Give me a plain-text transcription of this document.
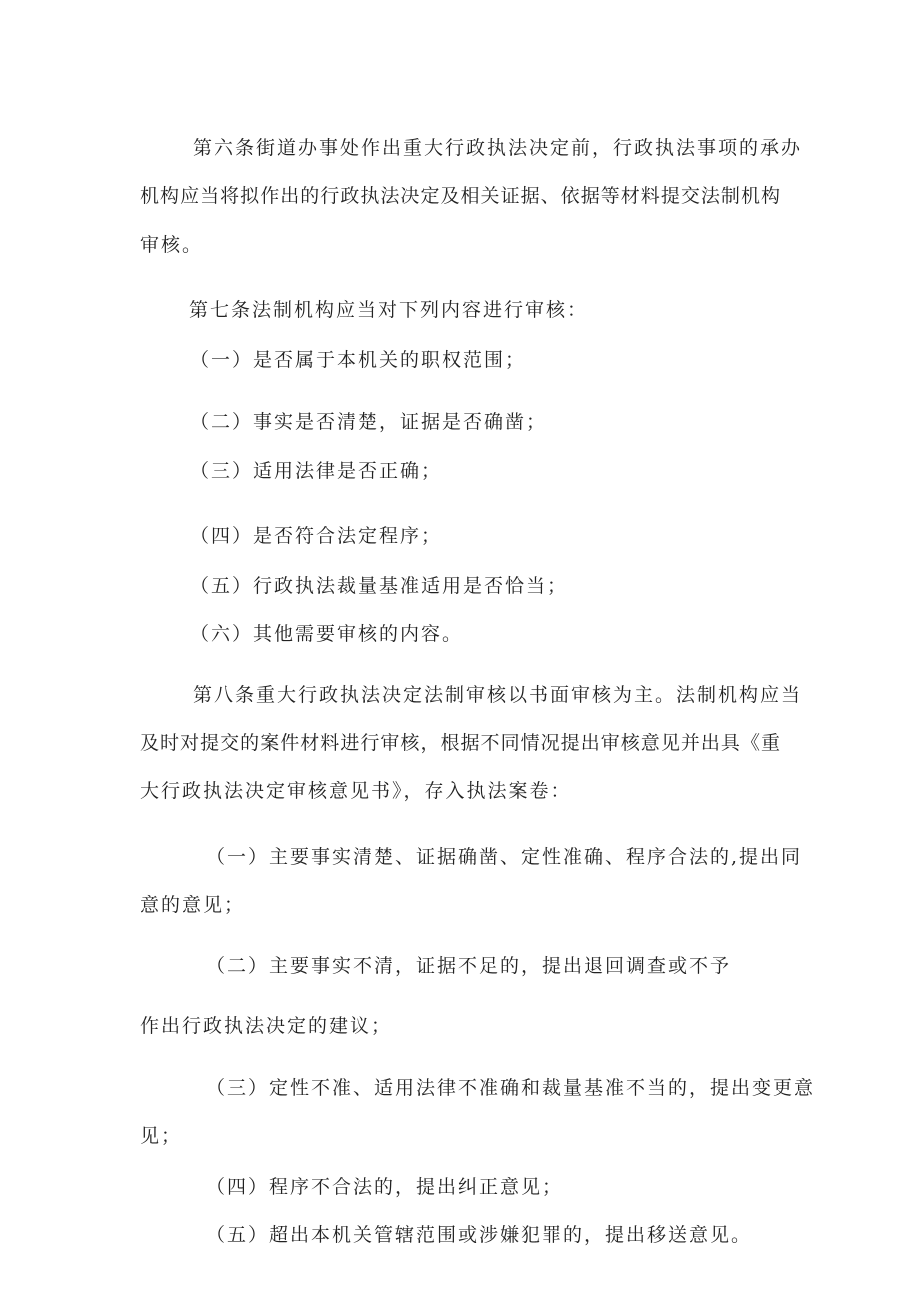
第六条街道办事处作出重大行政执法决定前，行政执法事项的承办

机构应当将拟作出的行政执法决定及相关证据、依据等材料提交法制机构

审核。

第七条法制机构应当对下列内容进行审核：

（一）是否属于本机关的职权范围；

（二）事实是否清楚，证据是否确凿；

（三）适用法律是否正确；

（四）是否符合法定程序；

（五）行政执法裁量基准适用是否恰当；

（六）其他需要审核的内容。

第八条重大行政执法决定法制审核以书面审核为主。法制机构应当

及时对提交的案件材料进行审核，根据不同情况提出审核意见并出具《重

大行政执法决定审核意见书》，存入执法案卷：

（一）主要事实清楚、证据确凿、定性准确、程序合法的,提出同

意的意见；

（二）主要事实不清，证据不足的，提出退回调查或不予

作出行政执法决定的建议；

（三）定性不准、适用法律不准确和裁量基准不当的，提出变更意

见；

（四）程序不合法的，提出纠正意见；

（五）超出本机关管辖范围或涉嫌犯罪的，提出移送意见。
